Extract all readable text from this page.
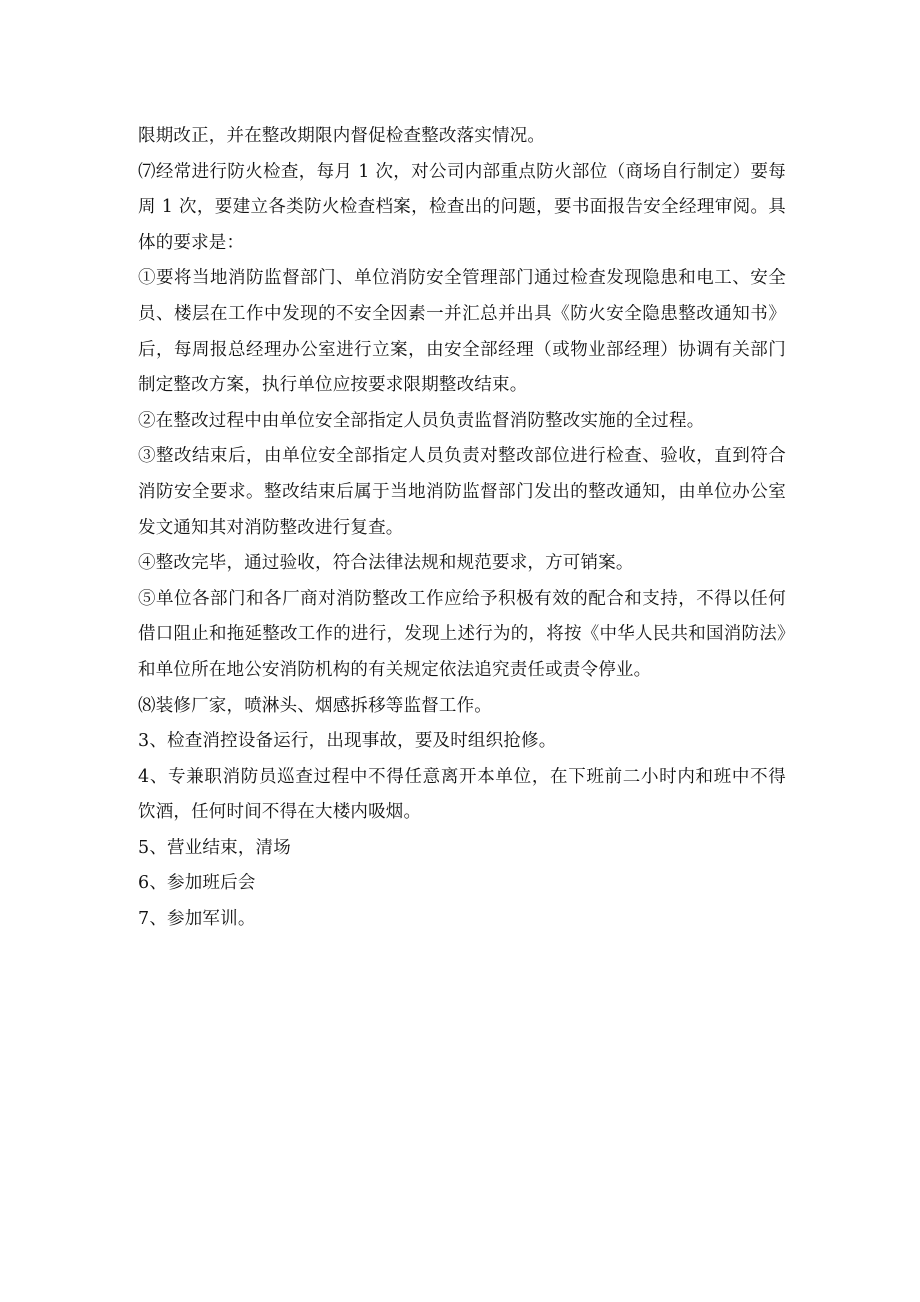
限期改正，并在整改期限内督促检查整改落实情况。

⑺经常进行防火检查，每月 1 次，对公司内部重点防火部位（商场自行制定）要每周 1 次，要建立各类防火检查档案，检查出的问题，要书面报告安全经理审阅。具体的要求是：

①要将当地消防监督部门、单位消防安全管理部门通过检查发现隐患和电工、安全员、楼层在工作中发现的不安全因素一并汇总并出具《防火安全隐患整改通知书》后，每周报总经理办公室进行立案，由安全部经理（或物业部经理）协调有关部门制定整改方案，执行单位应按要求限期整改结束。

②在整改过程中由单位安全部指定人员负责监督消防整改实施的全过程。

③整改结束后，由单位安全部指定人员负责对整改部位进行检查、验收，直到符合消防安全要求。整改结束后属于当地消防监督部门发出的整改通知，由单位办公室发文通知其对消防整改进行复查。

④整改完毕，通过验收，符合法律法规和规范要求，方可销案。

⑤单位各部门和各厂商对消防整改工作应给予积极有效的配合和支持，不得以任何借口阻止和拖延整改工作的进行，发现上述行为的，将按《中华人民共和国消防法》和单位所在地公安消防机构的有关规定依法追究责任或责令停业。

⑻装修厂家，喷淋头、烟感拆移等监督工作。

3、检查消控设备运行，出现事故，要及时组织抢修。

4、专兼职消防员巡查过程中不得任意离开本单位，在下班前二小时内和班中不得饮酒，任何时间不得在大楼内吸烟。

5、营业结束，清场

6、参加班后会

7、参加军训。
